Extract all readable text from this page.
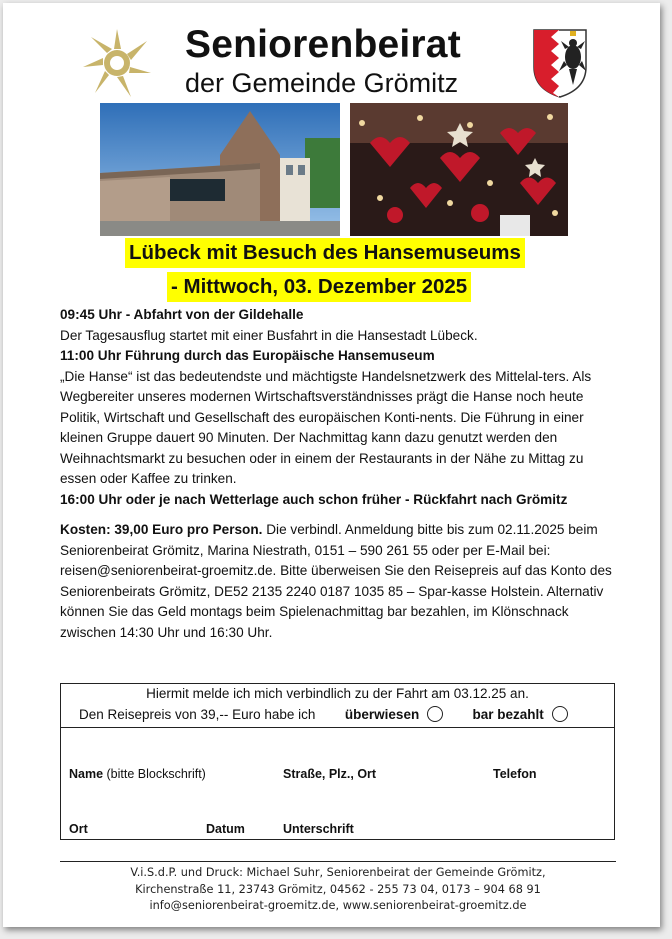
Seniorenbeirat
der Gemeinde Grömitz
Lübeck mit Besuch des Hansemuseums
- Mittwoch, 03. Dezember 2025

09:45 Uhr - Abfahrt von der Gildehalle

Der Tagesausflug startet mit einer Busfahrt in die Hansestadt Lübeck.

11:00 Uhr Führung durch das Europäische Hansemuseum

„Die Hanse“ ist das bedeutendste und mächtigste Handelsnetzwerk des Mittelal-ters. Als Wegbereiter unseres modernen Wirtschaftsverständnisses prägt die Hanse noch heute Politik, Wirtschaft und Gesellschaft des europäischen Konti-nents. Die Führung in einer kleinen Gruppe dauert 90 Minuten. Der Nachmittag kann dazu genutzt werden den Weihnachtsmarkt zu besuchen oder in einem der Restaurants in der Nähe zu Mittag zu essen oder Kaffee zu trinken.

16:00 Uhr oder je nach Wetterlage auch schon früher - Rückfahrt nach Grömitz

Kosten: 39,00 Euro pro Person. Die verbindl. Anmeldung bitte bis zum 02.11.2025 beim Seniorenbeirat Grömitz, Marina Niestrath, 0151 – 590 261 55 oder per E-Mail bei: reisen@seniorenbeirat-groemitz.de. Bitte überweisen Sie den Reisepreis auf das Konto des Seniorenbeirats Grömitz, DE52 2135 2240 0187 1035 85 – Spar-kasse Holstein. Alternativ können Sie das Geld montags beim Spielenachmittag bar bezahlen, im Klönschnack zwischen 14:30 Uhr und 16:30 Uhr.

Hiermit melde ich mich verbindlich zu der Fahrt am 03.12.25 an.
Den Reisepreis von 39,-- Euro habe ich überwiesen	bar bezahlt
Name (bitte Blockschrift)	Straße, Plz., Ort	Telefon
Ort	Datum	Unterschrift
V.i.S.d.P. und Druck: Michael Suhr, Seniorenbeirat der Gemeinde Grömitz,
Kirchenstraße 11, 23743 Grömitz, 04562 - 255 73 04, 0173 – 904 68 91
info@seniorenbeirat-groemitz.de, www.seniorenbeirat-groemitz.de
